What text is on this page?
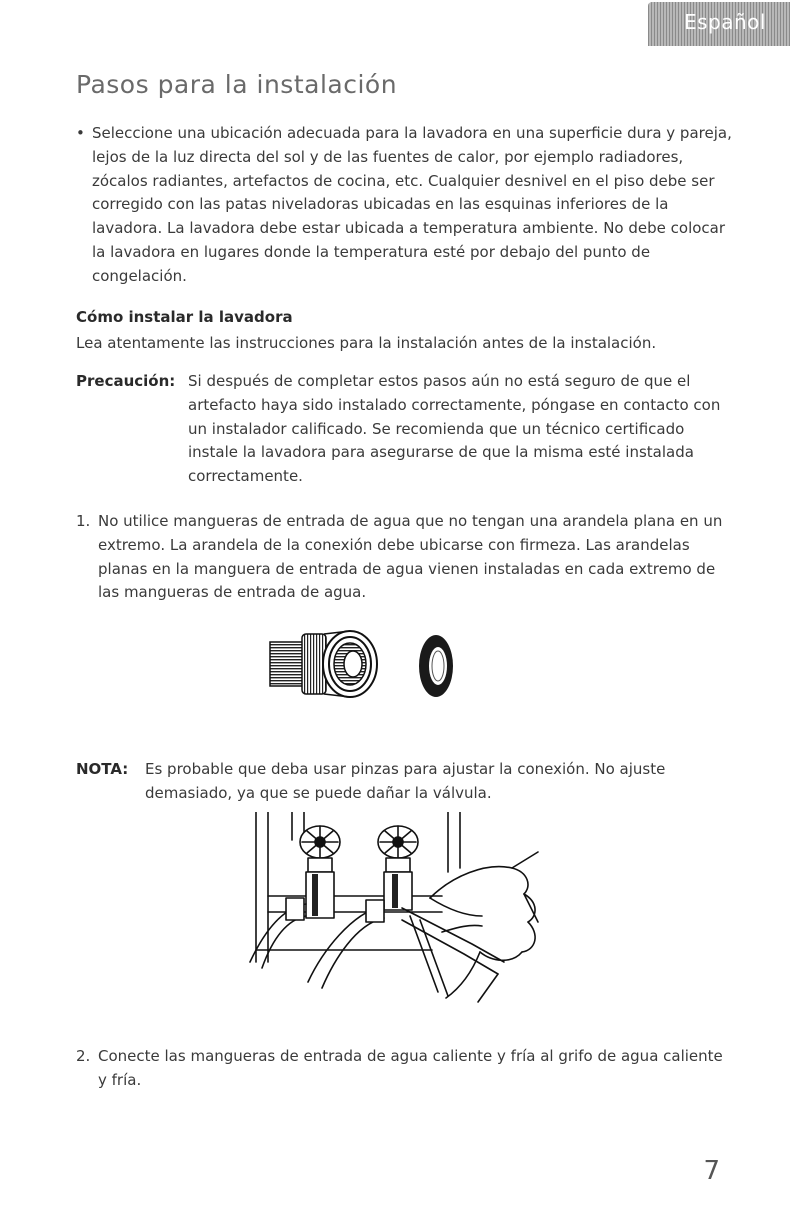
Español
Pasos para la instalación
• Seleccione una ubicación adecuada para la lavadora en una superficie dura y pareja, lejos de la luz directa del sol y de las fuentes de calor, por ejemplo radiadores, zócalos radiantes, artefactos de cocina, etc. Cualquier desnivel en el piso debe ser corregido con las patas niveladoras ubicadas en las esquinas inferiores de la lavadora. La lavadora debe estar ubicada a temperatura ambiente. No debe colocar la lavadora en lugares donde la temperatura esté por debajo del punto de congelación.
Cómo instalar la lavadora
Lea atentamente las instrucciones para la instalación antes de la instalación.
Precaución: Si después de completar estos pasos aún no está seguro de que el artefacto haya sido instalado correctamente, póngase en contacto con un instalador calificado. Se recomienda que un técnico certificado instale la lavadora para asegurarse de que la misma esté instalada correctamente.
1. No utilice mangueras de entrada de agua que no tengan una arandela plana en un extremo. La arandela de la conexión debe ubicarse con firmeza. Las arandelas planas en la manguera de entrada de agua vienen instaladas en cada extremo de las mangueras de entrada de agua.
NOTA:	Es probable que deba usar pinzas para ajustar la conexión. No ajuste demasiado, ya que se puede dañar la válvula.
2. Conecte las mangueras de entrada de agua caliente y fría al grifo de agua caliente y fría.
7
